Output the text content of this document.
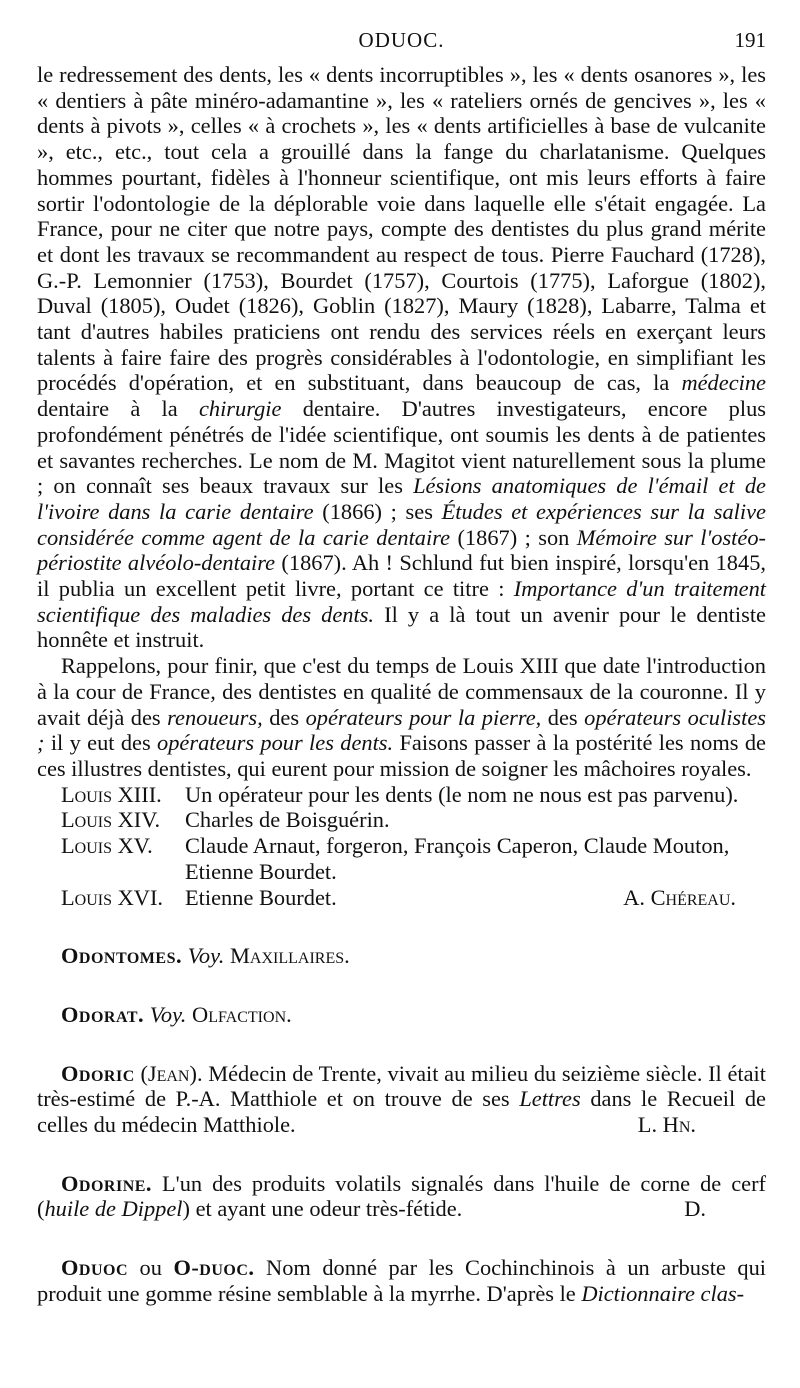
ODUOC.	191

le redressement des dents, les « dents incorruptibles », les « dents osanores », les « dentiers à pâte minéro-adamantine », les « rateliers ornés de gencives », les « dents à pivots », celles « à crochets », les « dents artificielles à base de vulcanite », etc., etc., tout cela a grouillé dans la fange du charlatanisme. Quelques hommes pourtant, fidèles à l'honneur scientifique, ont mis leurs efforts à faire sortir l'odontologie de la déplorable voie dans laquelle elle s'était engagée. La France, pour ne citer que notre pays, compte des dentistes du plus grand mérite et dont les travaux se recommandent au respect de tous. Pierre Fauchard (1728), G.-P. Lemonnier (1753), Bourdet (1757), Courtois (1775), Laforgue (1802), Duval (1805), Oudet (1826), Goblin (1827), Maury (1828), Labarre, Talma et tant d'autres habiles praticiens ont rendu des services réels en exerçant leurs talents à faire faire des progrès considérables à l'odontologie, en simplifiant les procédés d'opération, et en substituant, dans beaucoup de cas, la médecine dentaire à la chirurgie dentaire. D'autres investigateurs, encore plus profondément pénétrés de l'idée scientifique, ont soumis les dents à de patientes et savantes recherches. Le nom de M. Magitot vient naturellement sous la plume ; on connaît ses beaux travaux sur les Lésions anatomiques de l'émail et de l'ivoire dans la carie dentaire (1866) ; ses Études et expériences sur la salive considérée comme agent de la carie dentaire (1867) ; son Mémoire sur l'ostéo-périostite alvéolo-dentaire (1867). Ah ! Schlund fut bien inspiré, lorsqu'en 1845, il publia un excellent petit livre, portant ce titre : Importance d'un traitement scientifique des maladies des dents. Il y a là tout un avenir pour le dentiste honnête et instruit.

Rappelons, pour finir, que c'est du temps de Louis XIII que date l'introduction à la cour de France, des dentistes en qualité de commensaux de la couronne. Il y avait déjà des renoueurs, des opérateurs pour la pierre, des opérateurs oculistes ; il y eut des opérateurs pour les dents. Faisons passer à la postérité les noms de ces illustres dentistes, qui eurent pour mission de soigner les mâchoires royales.

Louis XIII.	Un opérateur pour les dents (le nom ne nous est pas parvenu).
Louis XIV.	Charles de Boisguérin.
Louis XV.	Claude Arnaut, forgeron, François Caperon, Claude Mouton, Etienne Bourdet.
Louis XVI.	Etienne Bourdet. A. Chéreau.

Odontomes. Voy. Maxillaires.

Odorat. Voy. Olfaction.

Odoric (Jean). Médecin de Trente, vivait au milieu du seizième siècle. Il était très-estimé de P.-A. Matthiole et on trouve de ses Lettres dans le Recueil de celles du médecin Matthiole.	L. Hn.

Odorine. L'un des produits volatils signalés dans l'huile de corne de cerf (huile de Dippel) et ayant une odeur très-fétide.	D.

Oduoc ou O-duoc. Nom donné par les Cochinchinois à un arbuste qui produit une gomme résine semblable à la myrrhe. D'après le Dictionnaire clas-
